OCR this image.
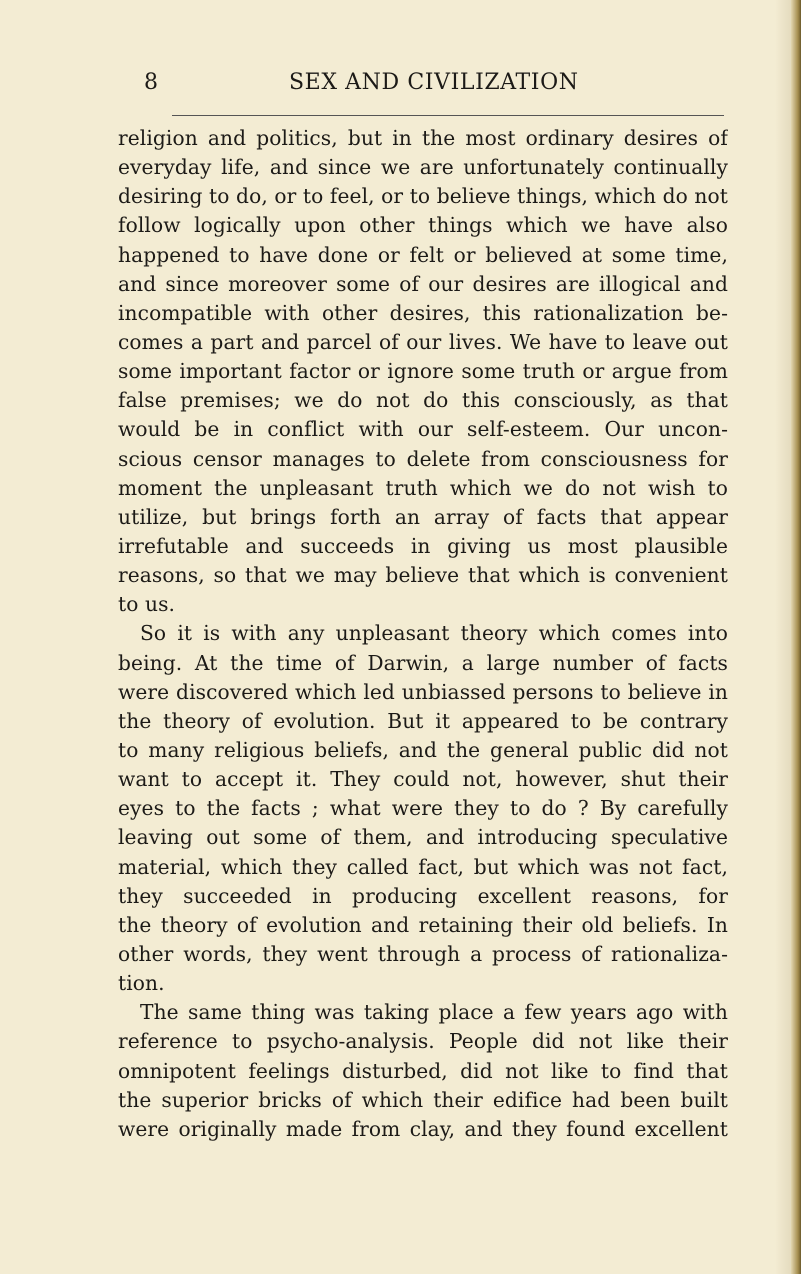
8	SEX AND CIVILIZATION
religion and politics, but in the most ordinary desires of
everyday life, and since we are unfortunately continually
desiring to do, or to feel, or to believe things, which do not
follow logically upon other things which we have also
happened to have done or felt or believed at some time,
and since moreover some of our desires are illogical and
incompatible with other desires, this rationalization be-
comes a part and parcel of our lives. We have to leave out
some important factor or ignore some truth or argue from
false premises; we do not do this consciously, as that
would be in conflict with our self-esteem. Our uncon-
scious censor manages to delete from consciousness for
moment the unpleasant truth which we do not wish to
utilize, but brings forth an array of facts that appear
irrefutable and succeeds in giving us most plausible
reasons, so that we may believe that which is convenient
to us.
So it is with any unpleasant theory which comes into
being. At the time of Darwin, a large number of facts
were discovered which led unbiassed persons to believe in
the theory of evolution. But it appeared to be contrary
to many religious beliefs, and the general public did not
want to accept it. They could not, however, shut their
eyes to the facts ; what were they to do ? By carefully
leaving out some of them, and introducing speculative
material, which they called fact, but which was not fact,
they succeeded in producing excellent reasons, for
the theory of evolution and retaining their old beliefs. In
other words, they went through a process of rationaliza-
tion.
The same thing was taking place a few years ago with
reference to psycho-analysis. People did not like their
omnipotent feelings disturbed, did not like to find that
the superior bricks of which their edifice had been built
were originally made from clay, and they found excellent
